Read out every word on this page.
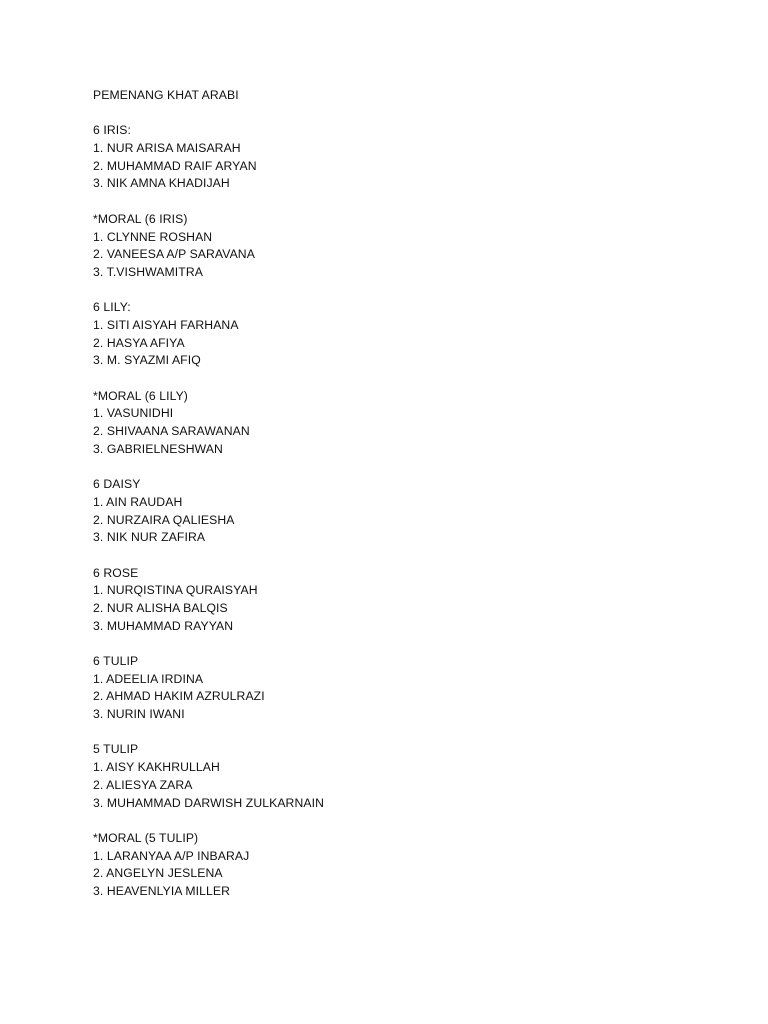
PEMENANG KHAT ARABI
6 IRIS:
1. NUR ARISA MAISARAH
2. MUHAMMAD RAIF ARYAN
3. NIK AMNA KHADIJAH
*MORAL (6 IRIS)
1. CLYNNE ROSHAN
2. VANEESA A/P SARAVANA
3. T.VISHWAMITRA
6 LILY:
1. SITI AISYAH FARHANA
2. HASYA AFIYA
3. M. SYAZMI AFIQ
*MORAL (6 LILY)
1. VASUNIDHI
2. SHIVAANA SARAWANAN
3. GABRIELNESHWAN
6 DAISY
1. AIN RAUDAH
2. NURZAIRA QALIESHA
3. NIK NUR ZAFIRA
6 ROSE
1. NURQISTINA QURAISYAH
2. NUR ALISHA BALQIS
3. MUHAMMAD RAYYAN
6 TULIP
1. ADEELIA IRDINA
2. AHMAD HAKIM AZRULRAZI
3. NURIN IWANI
5 TULIP
1. AISY KAKHRULLAH
2. ALIESYA ZARA
3. MUHAMMAD DARWISH ZULKARNAIN
*MORAL (5 TULIP)
1. LARANYAA A/P INBARAJ
2. ANGELYN JESLENA
3. HEAVENLYIA MILLER
